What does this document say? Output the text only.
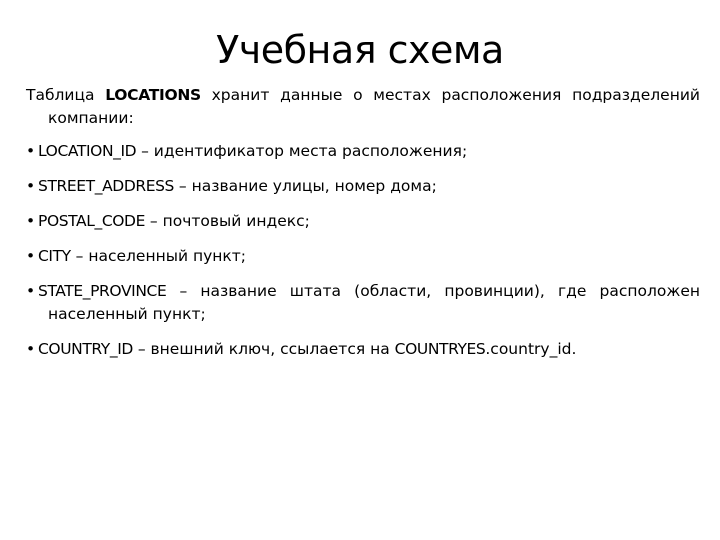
Учебная схема

Таблица LOCATIONS хранит данные о местах расположения подразделений компании:

• LOCATION_ID – идентификатор места расположения;

• STREET_ADDRESS – название улицы, номер дома;

• POSTAL_CODE – почтовый индекс;

• CITY – населенный пункт;

• STATE_PROVINCE – название штата (области, провинции), где расположен населенный пункт;

• COUNTRY_ID – внешний ключ, ссылается на COUNTRYES.country_id.
